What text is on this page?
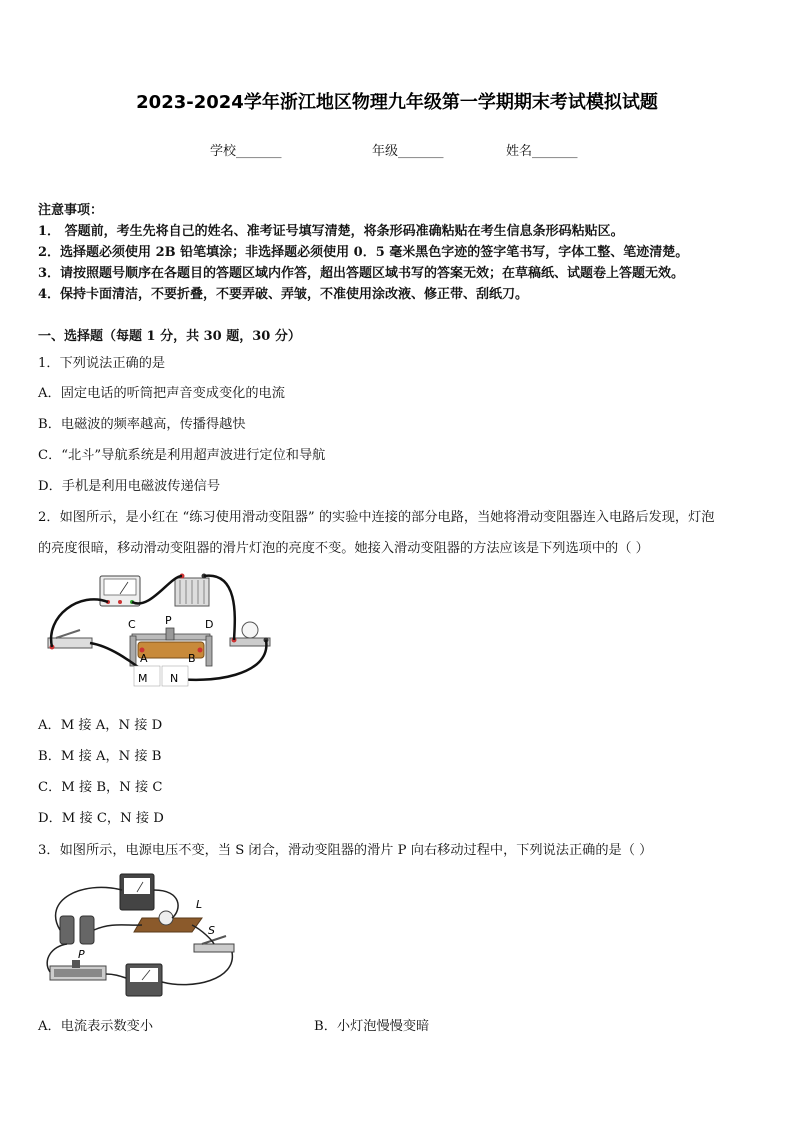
2023-2024学年浙江地区物理九年级第一学期期末考试模拟试题
学校_______	年级_______	姓名_______
注意事项：
1． 答题前，考生先将自己的姓名、准考证号填写清楚，将条形码准确粘贴在考生信息条形码粘贴区。
2．选择题必须使用 2B 铅笔填涂；非选择题必须使用 0．5 毫米黑色字迹的签字笔书写，字体工整、笔迹清楚。
3．请按照题号顺序在各题目的答题区域内作答，超出答题区域书写的答案无效；在草稿纸、试题卷上答题无效。
4．保持卡面清洁，不要折叠，不要弄破、弄皱，不准使用涂改液、修正带、刮纸刀。
一、选择题（每题 1 分，共 30 题，30 分）
1．下列说法正确的是
A．固定电话的听筒把声音变成变化的电流
B．电磁波的频率越高，传播得越快
C．“北斗”导航系统是利用超声波进行定位和导航
D．手机是利用电磁波传递信号
2．如图所示，是小红在 “练习使用滑动变阻器” 的实验中连接的部分电路，当她将滑动变阻器连入电路后发现，灯泡
的亮度很暗，移动滑动变阻器的滑片灯泡的亮度不变。她接入滑动变阻器的方法应该是下列选项中的（ ）
C	P	D
A	B
M N
A．M 接 A，N 接 D
B．M 接 A，N 接 B
C．M 接 B，N 接 C
D．M 接 C，N 接 D
3．如图所示，电源电压不变，当 S 闭合，滑动变阻器的滑片 P 向右移动过程中，下列说法正确的是（ ）
L
S
P
A．电流表示数变小	B．小灯泡慢慢变暗
